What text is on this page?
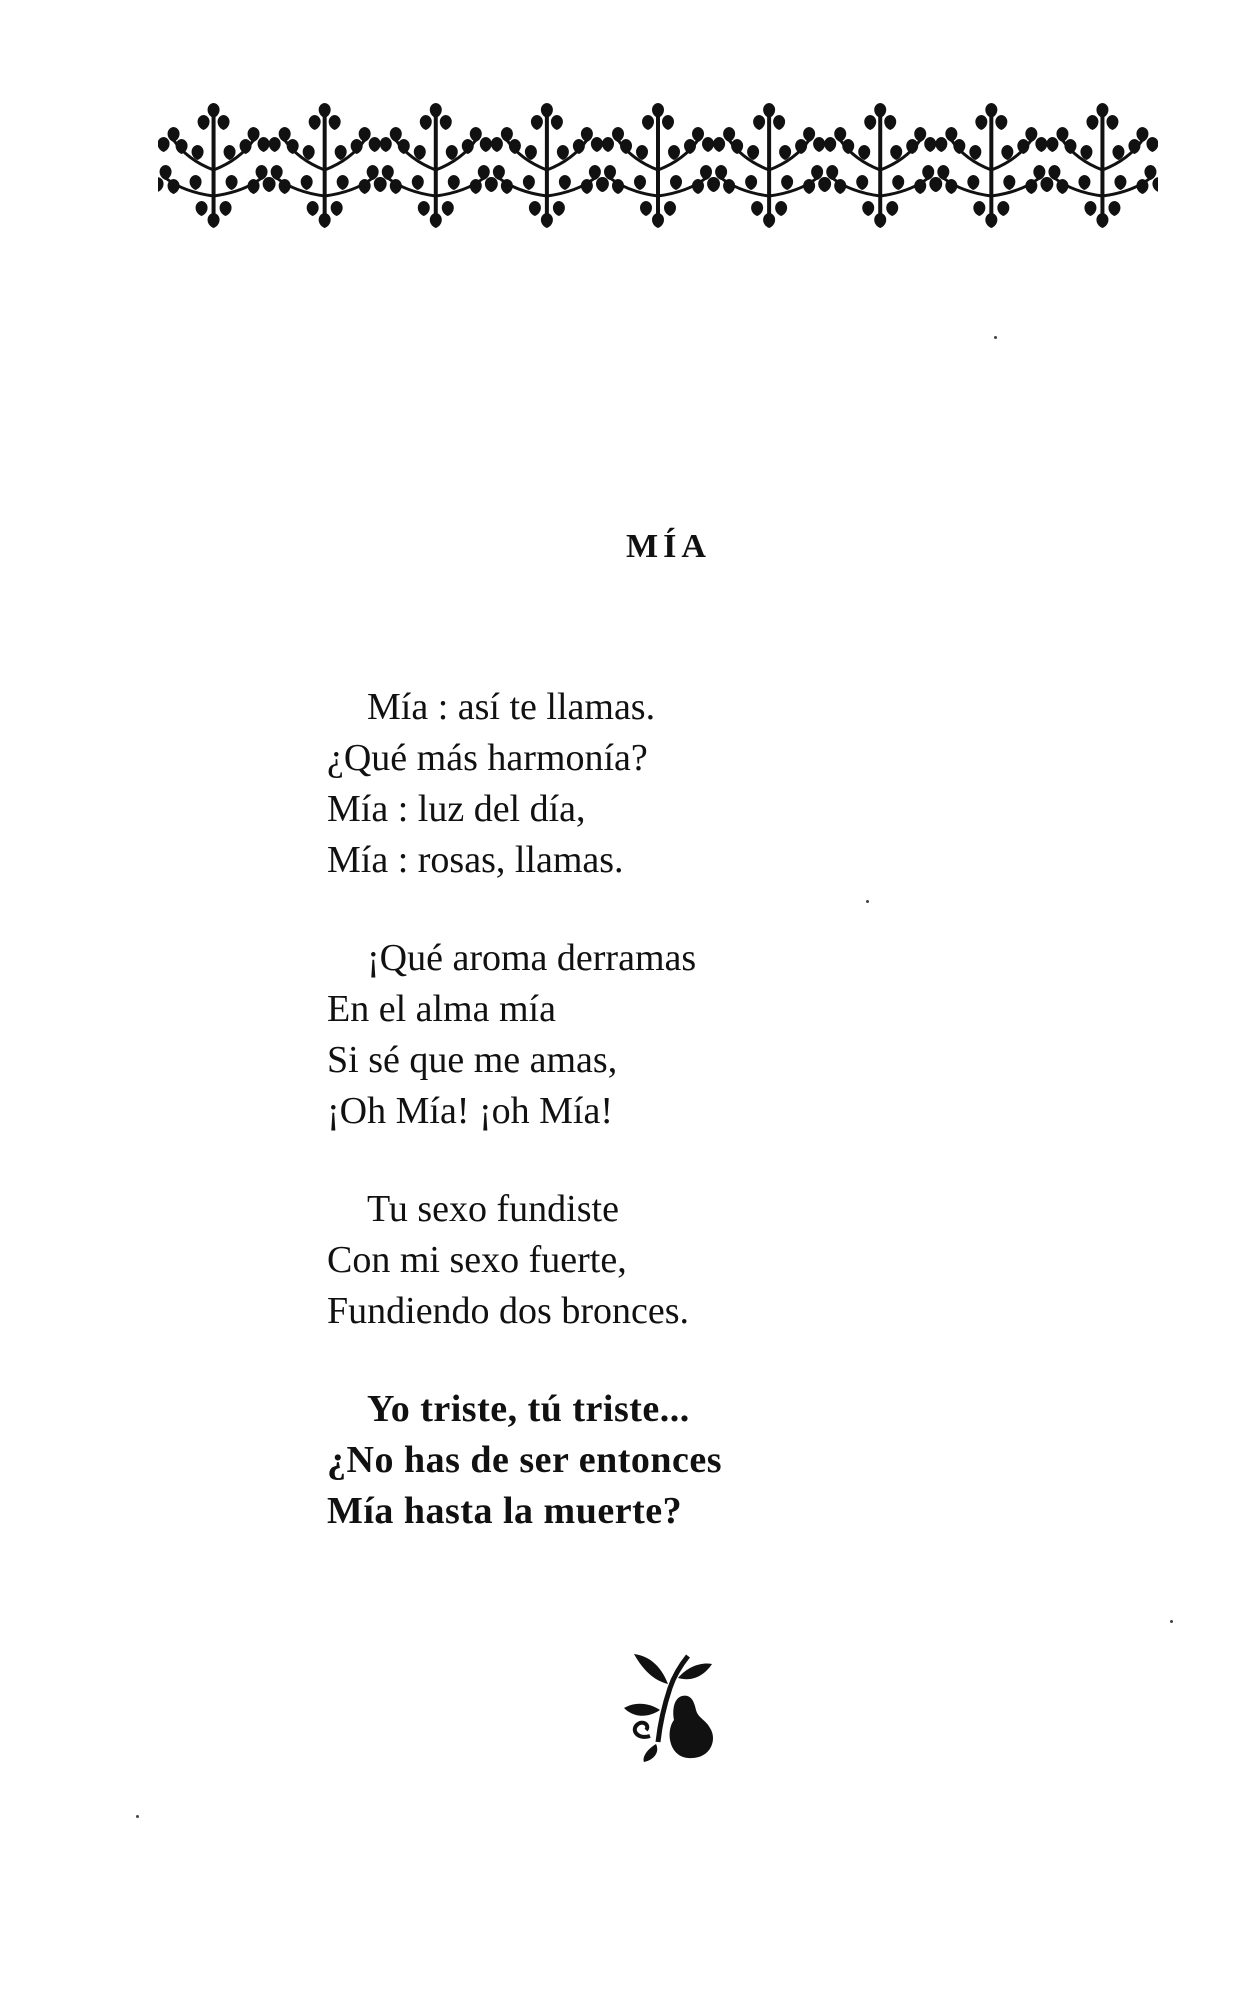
MÍA
Mía : así te llamas.
¿Qué más harmonía?
Mía : luz del día,
Mía : rosas, llamas.
¡Qué aroma derramas
En el alma mía
Si sé que me amas,
¡Oh Mía! ¡oh Mía!
Tu sexo fundiste
Con mi sexo fuerte,
Fundiendo dos bronces.
Yo triste, tú triste...
¿No has de ser entonces
Mía hasta la muerte?
